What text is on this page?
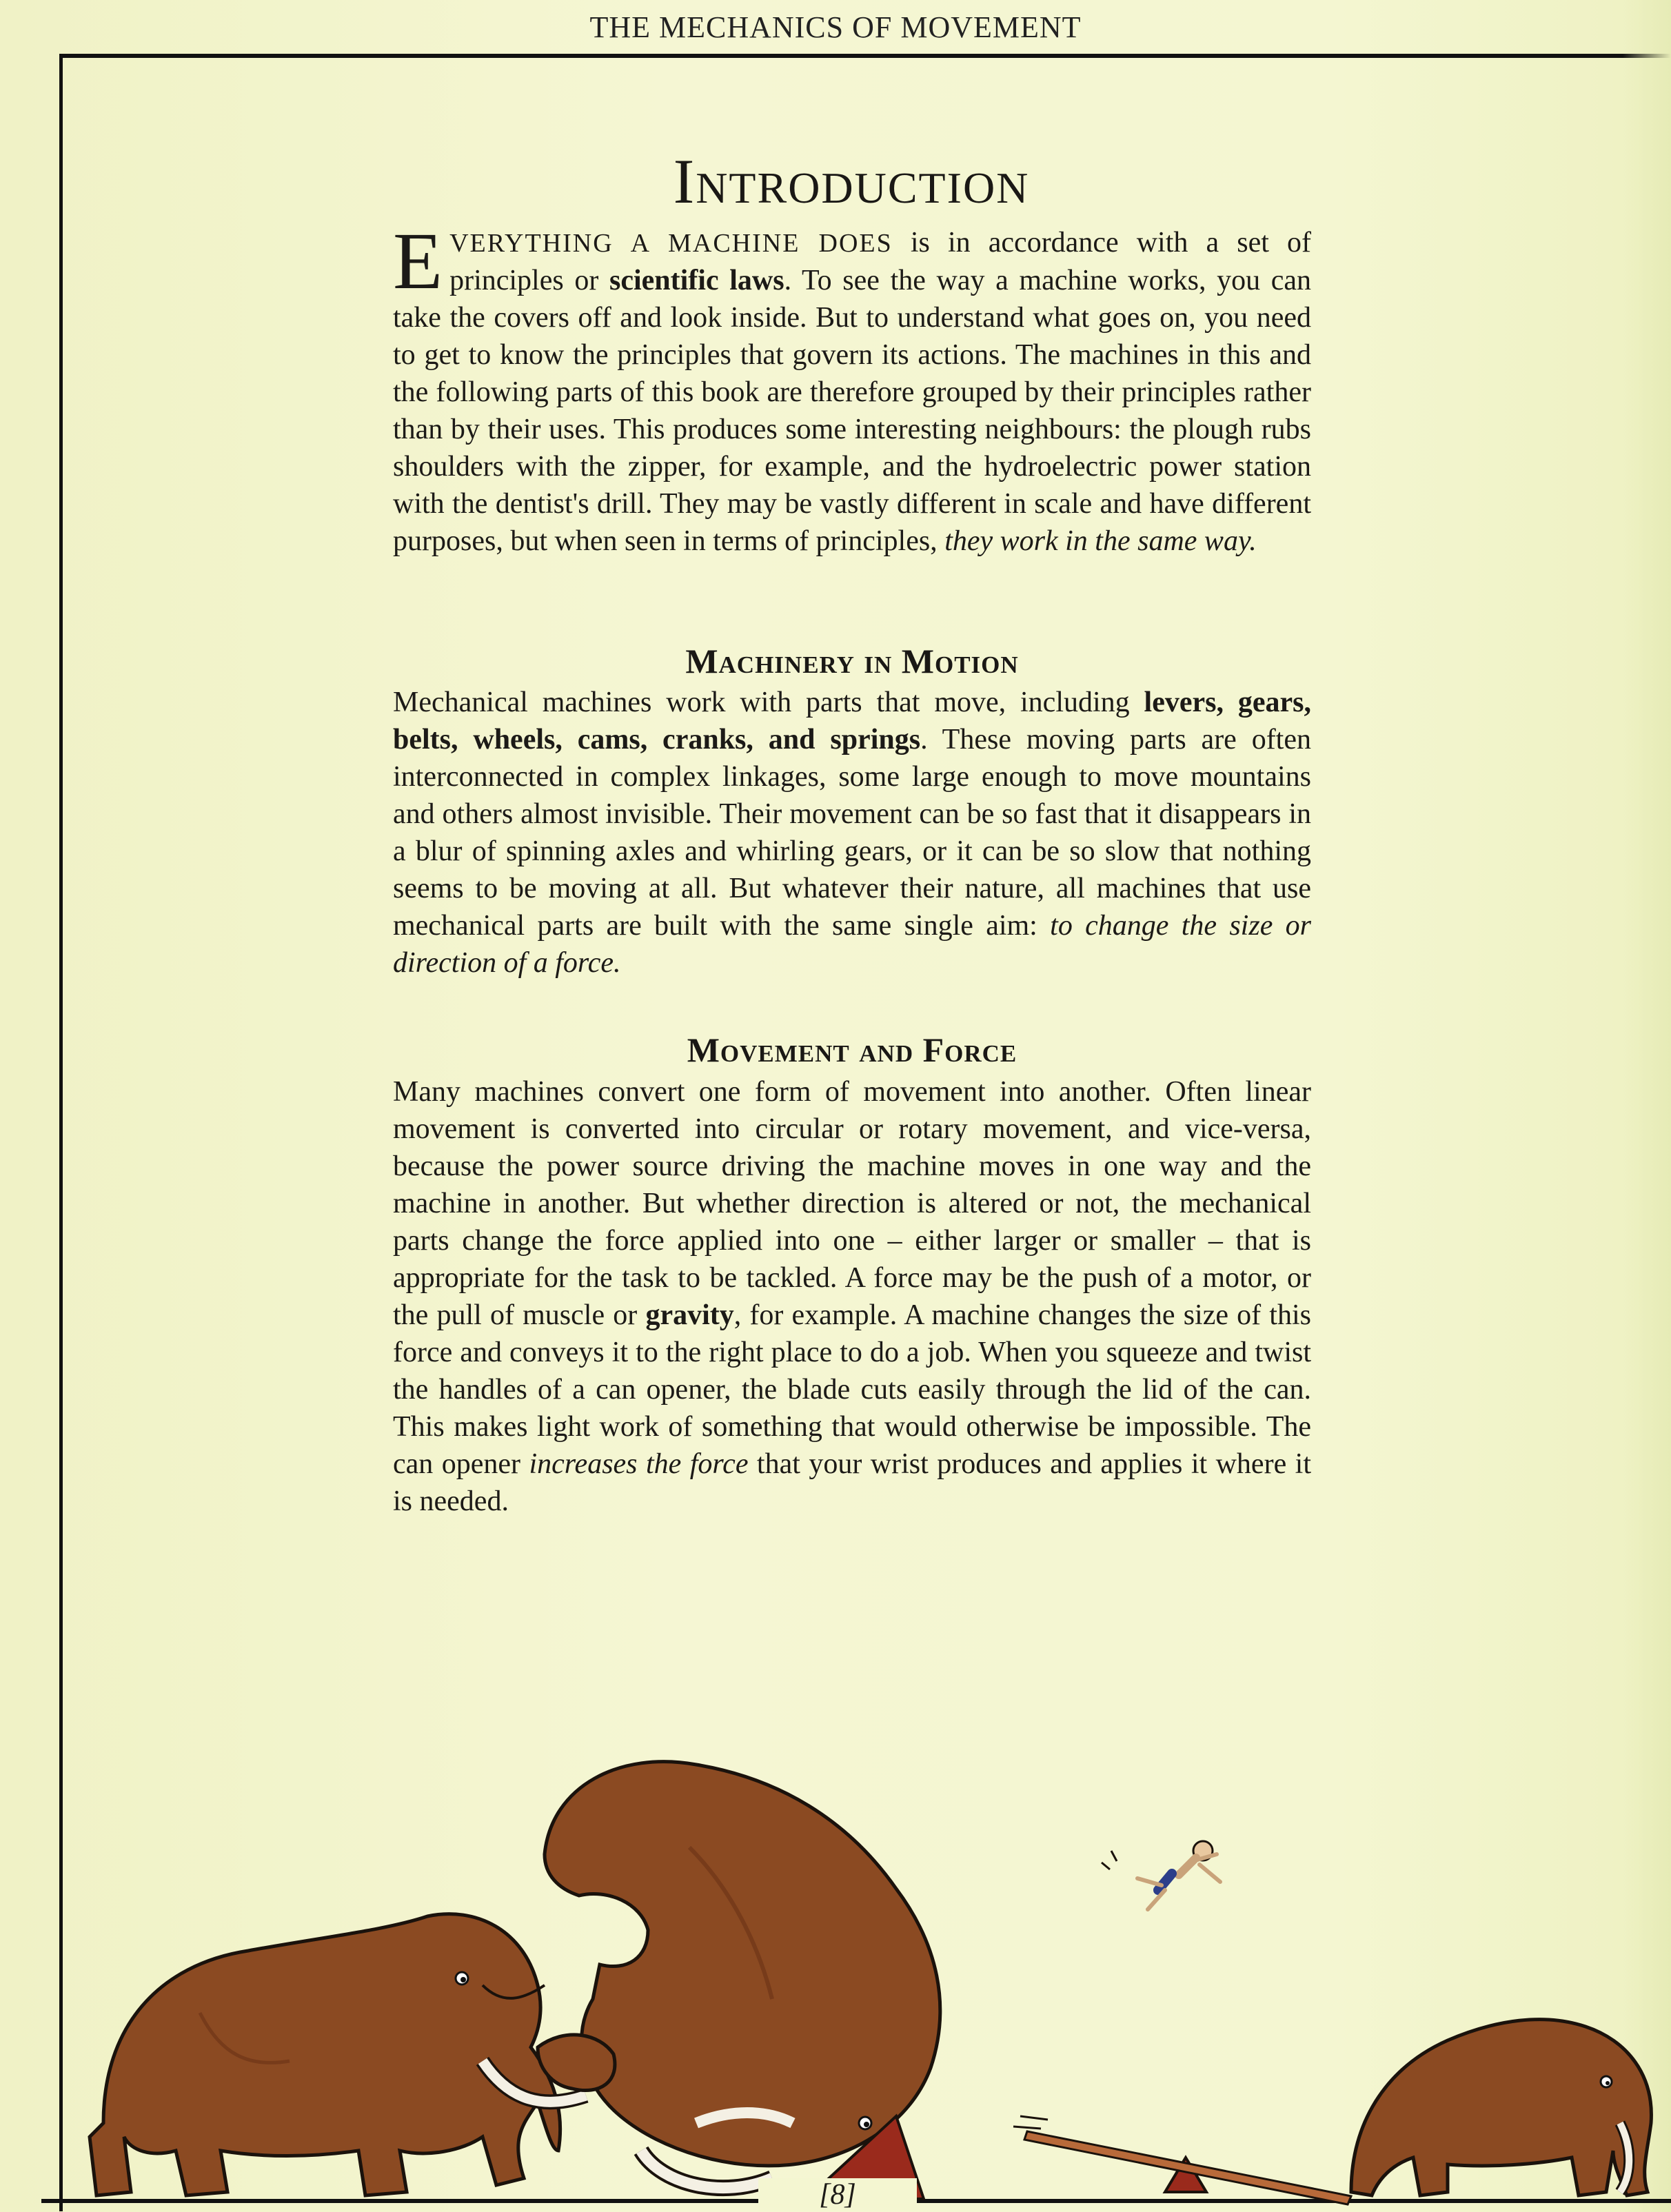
THE MECHANICS OF MOVEMENT
Introduction

EVERYTHING A MACHINE DOES is in accordance with a set of principles or scientific laws. To see the way a machine works, you can take the covers off and look inside. But to understand what goes on, you need to get to know the principles that govern its actions. The machines in this and the following parts of this book are therefore grouped by their principles rather than by their uses. This produces some interesting neighbours: the plough rubs shoulders with the zipper, for example, and the hydroelectric power station with the dentist's drill. They may be vastly different in scale and have different purposes, but when seen in terms of principles, they work in the same way.

Machinery in Motion

Mechanical machines work with parts that move, including levers, gears, belts, wheels, cams, cranks, and springs. These moving parts are often interconnected in complex linkages, some large enough to move mountains and others almost invisible. Their movement can be so fast that it disappears in a blur of spinning axles and whirling gears, or it can be so slow that nothing seems to be moving at all. But whatever their nature, all machines that use mechanical parts are built with the same single aim: to change the size or direction of a force.

Movement and Force

Many machines convert one form of movement into another. Often linear movement is converted into circular or rotary movement, and vice-versa, because the power source driving the machine moves in one way and the machine in another. But whether direction is altered or not, the mechanical parts change the force applied into one – either larger or smaller – that is appropriate for the task to be tackled. A force may be the push of a motor, or the pull of muscle or gravity, for example. A machine changes the size of this force and conveys it to the right place to do a job. When you squeeze and twist the handles of a can opener, the blade cuts easily through the lid of the can. This makes light work of something that would otherwise be impossible. The can opener increases the force that your wrist produces and applies it where it is needed.

[8]
